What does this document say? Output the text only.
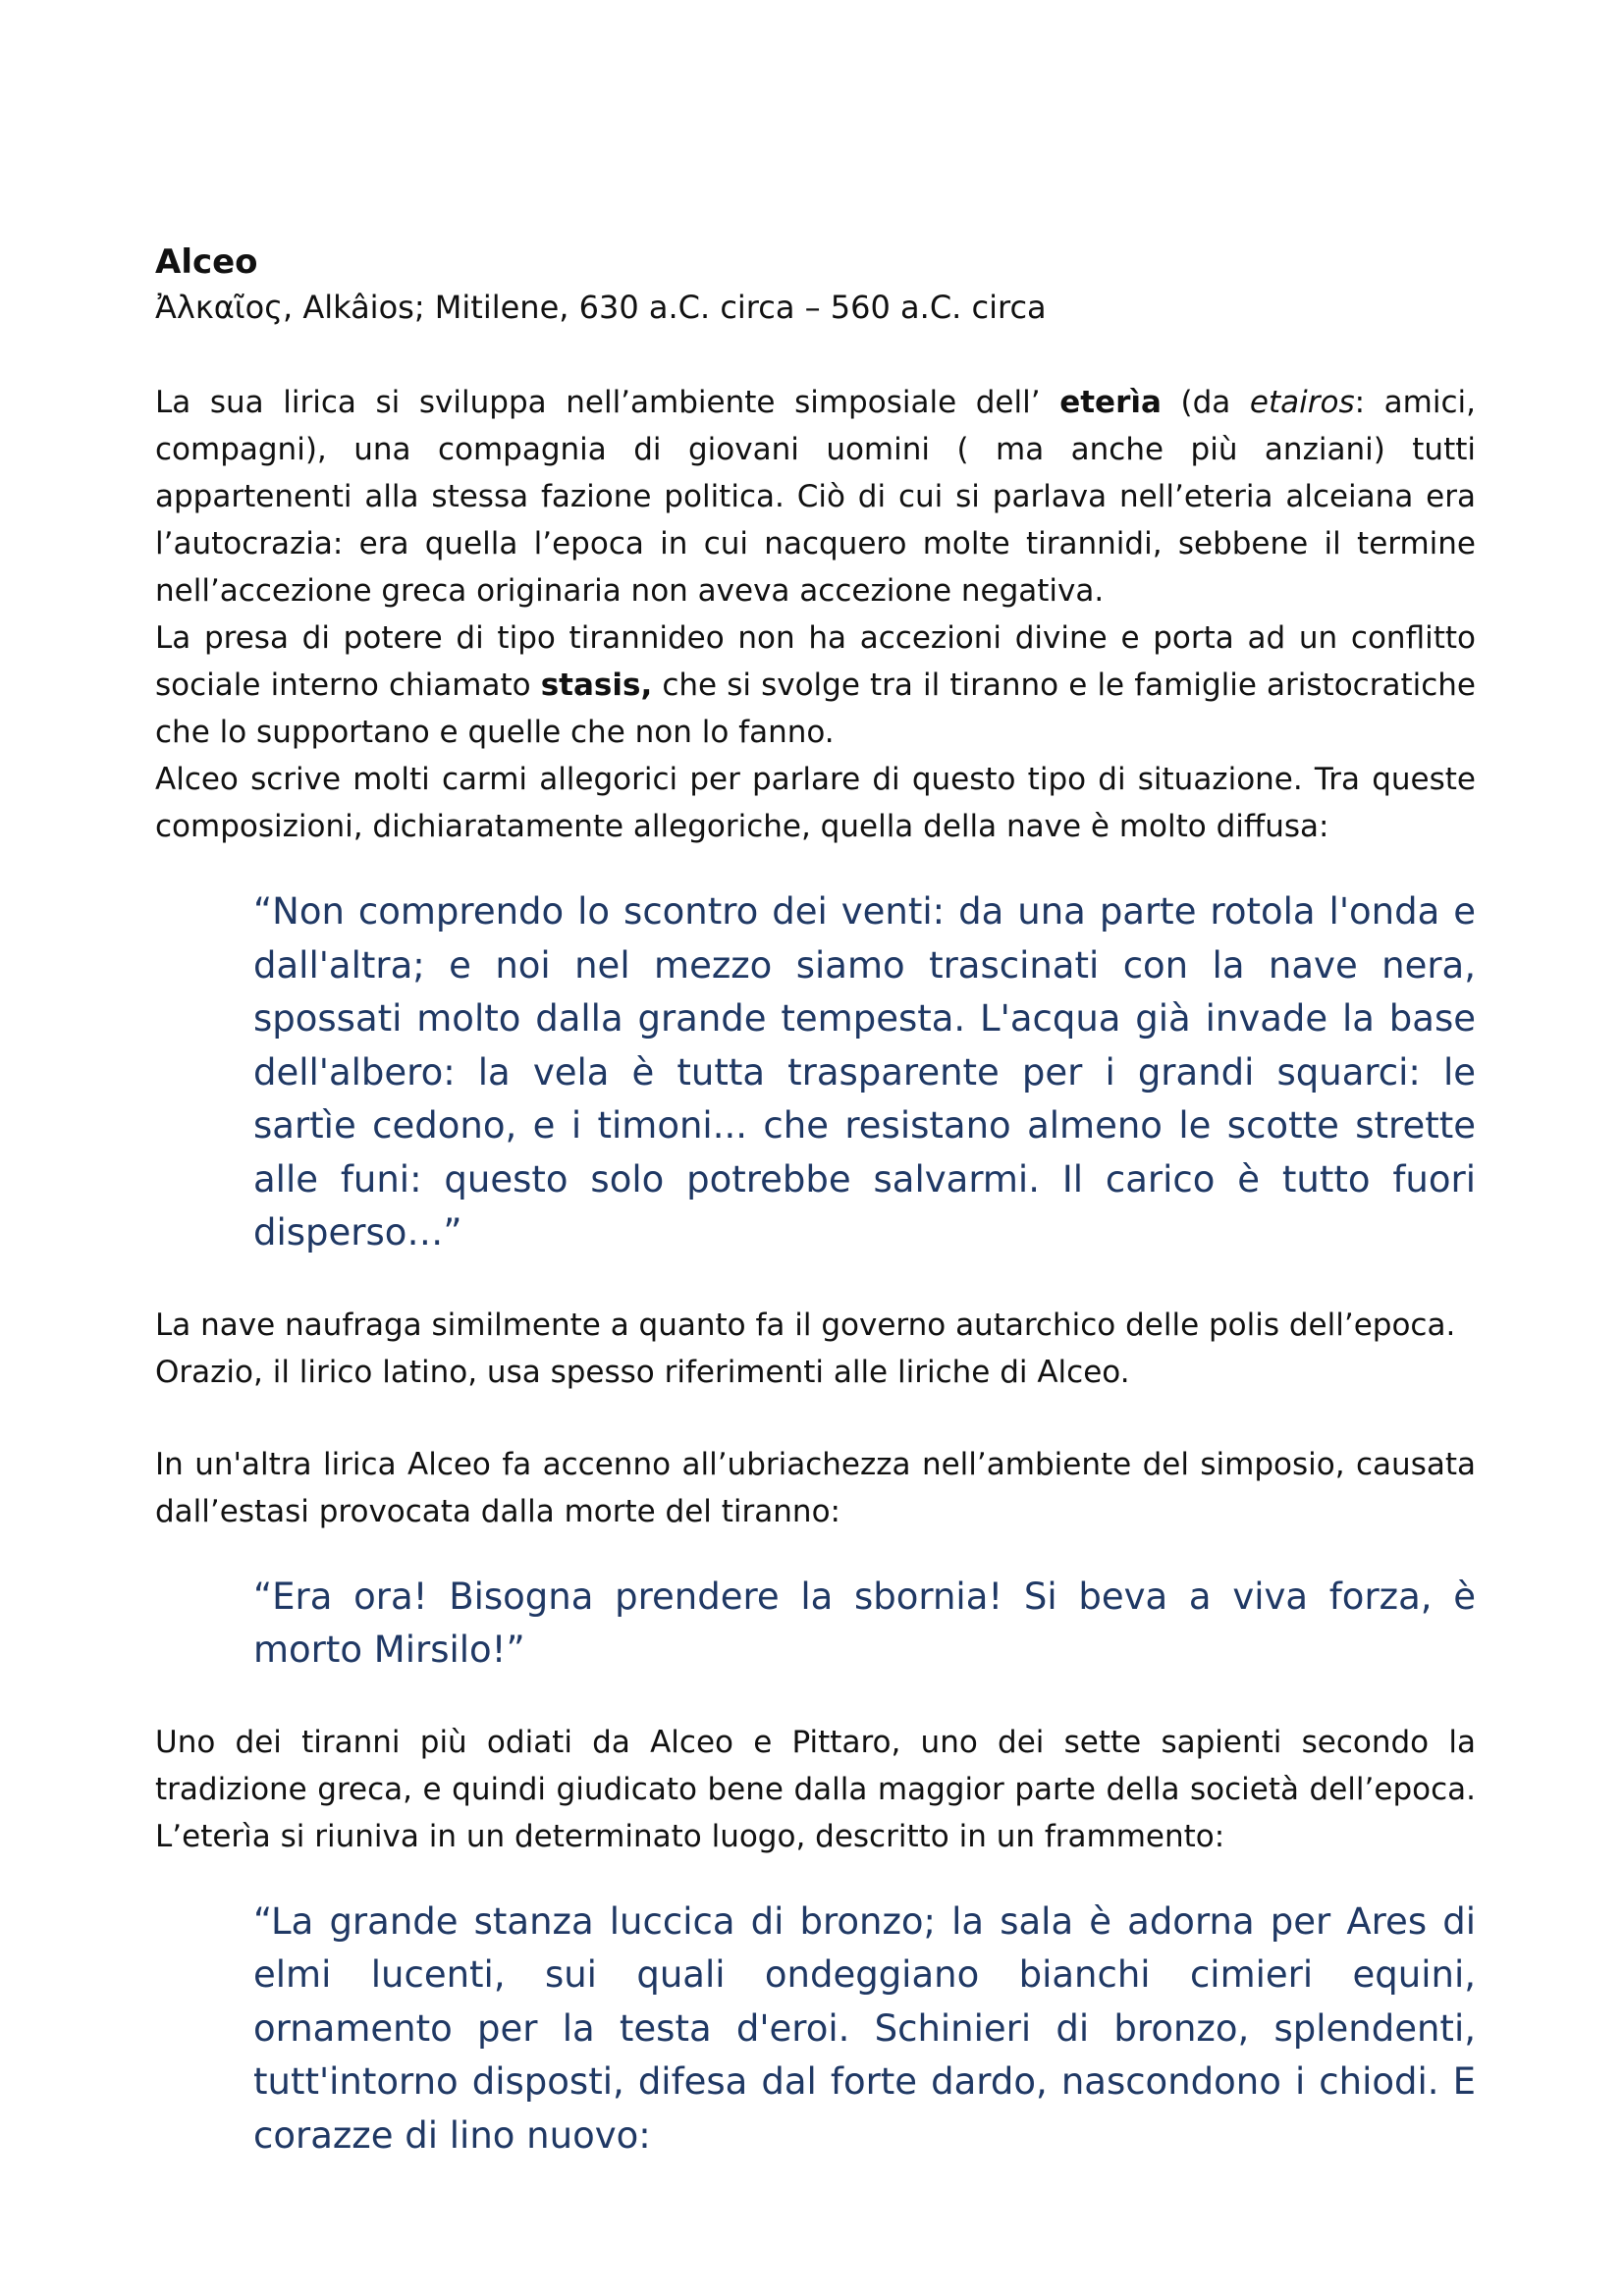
Alceo

Ἀλκαῖος, Alkâios; Mitilene, 630 a.C. circa – 560 a.C. circa

La sua lirica si sviluppa nell’ambiente simposiale dell’ eterìa (da etairos: amici, compagni), una compagnia di giovani uomini ( ma anche più anziani) tutti appartenenti alla stessa fazione politica. Ciò di cui si parlava nell’eteria alceiana era l’autocrazia: era quella l’epoca in cui nacquero molte tirannidi, sebbene il termine nell’accezione greca originaria non aveva accezione negativa.

La presa di potere di tipo tirannideo non ha accezioni divine e porta ad un conflitto sociale interno chiamato stasis, che si svolge tra il tiranno e le famiglie aristocratiche che lo supportano e quelle che non lo fanno.

Alceo scrive molti carmi allegorici per parlare di questo tipo di situazione. Tra queste composizioni, dichiaratamente allegoriche, quella della nave è molto diffusa:

“Non comprendo lo scontro dei venti: da una parte rotola l'onda e dall'altra; e noi nel mezzo siamo trascinati con la nave nera, spossati molto dalla grande tempesta. L'acqua già invade la base dell'albero: la vela è tutta trasparente per i grandi squarci: le sartìe cedono, e i timoni... che resistano almeno le scotte strette alle funi: questo solo potrebbe salvarmi. Il carico è tutto fuori disperso…”

La nave naufraga similmente a quanto fa il governo autarchico delle polis dell’epoca.

Orazio, il lirico latino, usa spesso riferimenti alle liriche di Alceo.

In un'altra lirica Alceo fa accenno all’ubriachezza nell’ambiente del simposio, causata dall’estasi provocata dalla morte del tiranno:

“Era ora! Bisogna prendere la sbornia! Si beva a viva forza, è morto Mirsilo!”

Uno dei tiranni più odiati da Alceo e Pittaro, uno dei sette sapienti secondo la tradizione greca, e quindi giudicato bene dalla maggior parte della società dell’epoca. L’eterìa si riuniva in un determinato luogo, descritto in un frammento:

“La grande stanza luccica di bronzo; la sala è adorna per Ares di elmi lucenti, sui quali ondeggiano bianchi cimieri equini, ornamento per la testa d'eroi. Schinieri di bronzo, splendenti, tutt'intorno disposti, difesa dal forte dardo, nascondono i chiodi. E corazze di lino nuovo:
